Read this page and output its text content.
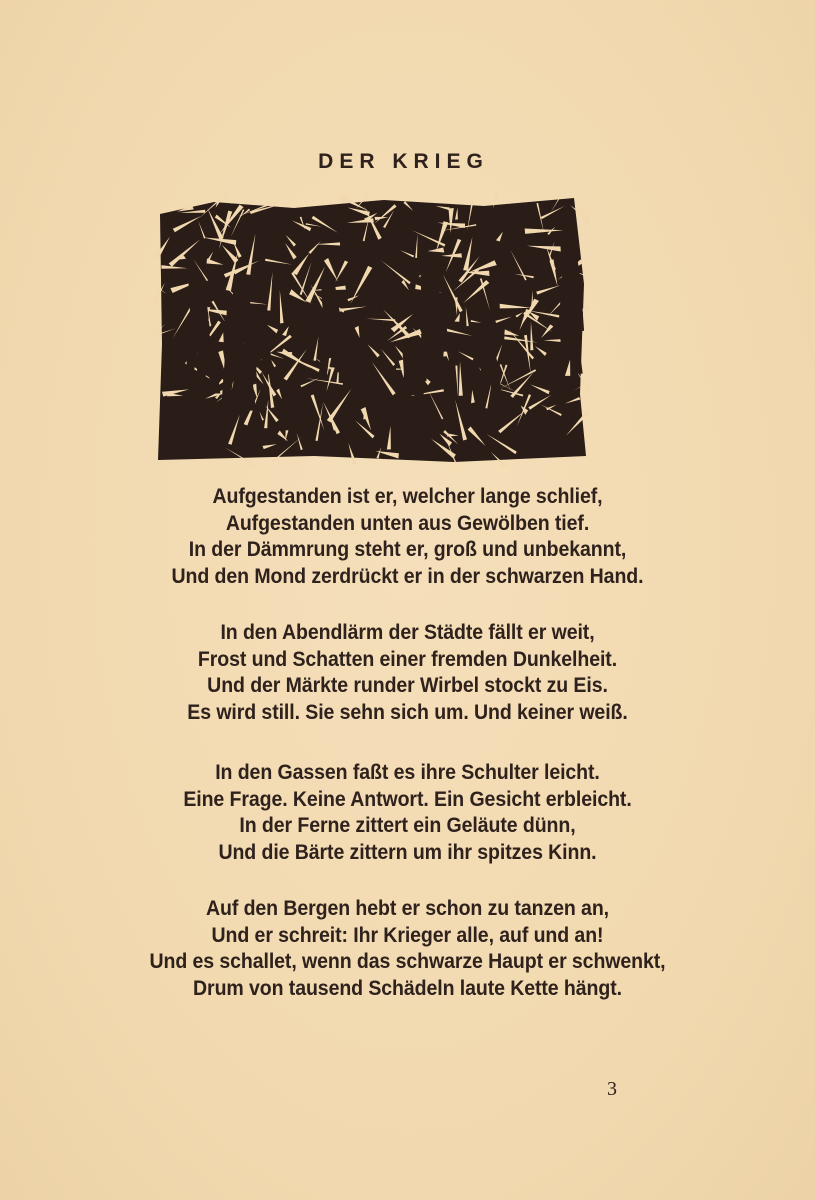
DER KRIEG
Aufgestanden ist er, welcher lange schlief,
Aufgestanden unten aus Gewölben tief.
In der Dämmrung steht er, groß und unbekannt,
Und den Mond zerdrückt er in der schwarzen Hand.
In den Abendlärm der Städte fällt er weit,
Frost und Schatten einer fremden Dunkelheit.
Und der Märkte runder Wirbel stockt zu Eis.
Es wird still. Sie sehn sich um. Und keiner weiß.
In den Gassen faßt es ihre Schulter leicht.
Eine Frage. Keine Antwort. Ein Gesicht erbleicht.
In der Ferne zittert ein Geläute dünn,
Und die Bärte zittern um ihr spitzes Kinn.
Auf den Bergen hebt er schon zu tanzen an,
Und er schreit: Ihr Krieger alle, auf und an!
Und es schallet, wenn das schwarze Haupt er schwenkt,
Drum von tausend Schädeln laute Kette hängt.
3
